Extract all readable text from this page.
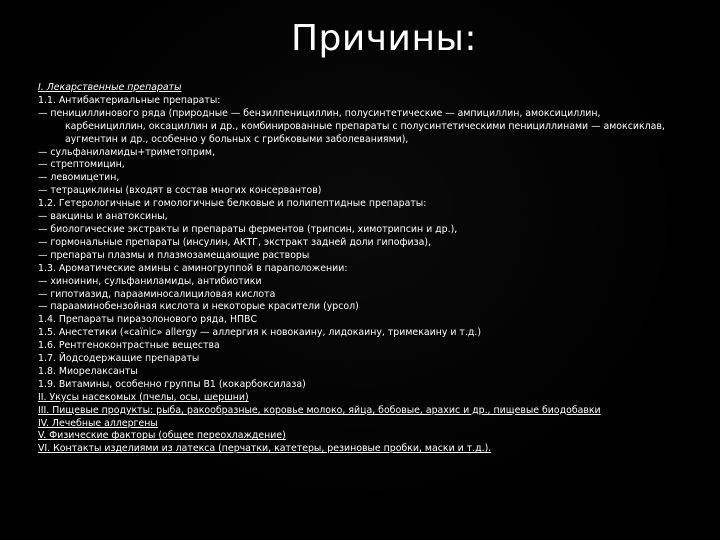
Причины:
I. Лекарственные препараты
1.1. Антибактериальные препараты:
— пенициллинового ряда (природные — бензилпенициллин, полусинтетические — ампициллин, амоксициллин, карбенициллин, оксациллин и др., комбинированные препараты с полусинтетическими пенициллинами — амоксиклав, аугментин и др., особенно у больных с грибковыми заболеваниями),
— сульфаниламиды+триметоприм,
— стрептомицин,
— левомицетин,
— тетрациклины (входят в состав многих консервантов)
1.2. Гетерологичные и гомологичные белковые и полипептидные препараты:
— вакцины и анатоксины,
— биологические экстракты и препараты ферментов (трипсин, химотрипсин и др.),
— гормональные препараты (инсулин, АКТГ, экстракт задней доли гипофиза),
— препараты плазмы и плазмозамещающие растворы
1.3. Ароматические амины с аминогруппой в параположении:
— хиноинин, сульфаниламиды, антибиотики
— гипотиазид, парааминосалициловая кислота
— парааминобензойная кислота и некоторые красители (урсол)
1.4. Препараты пиразолонового ряда, НПВС
1.5. Анестетики («caїnic» allergy — аллергия к новокаину, лидокаину, тримекаину и т.д.)
1.6. Рентгеноконтрастные вещества
1.7. Йодсодержащие препараты
1.8. Миорелаксанты
1.9. Витамины, особенно группы В1 (кокарбоксилаза)
II. Укусы насекомых (пчелы, осы, шершни)
III. Пищевые продукты: рыба, ракообразные, коровье молоко, яйца, бобовые, арахис и др., пищевые биодобавки
IV. Лечебные аллергены
V. Физические факторы (общее переохлаждение)
VI. Контакты изделиями из латекса (перчатки, катетеры, резиновые пробки, маски и т.д.).
